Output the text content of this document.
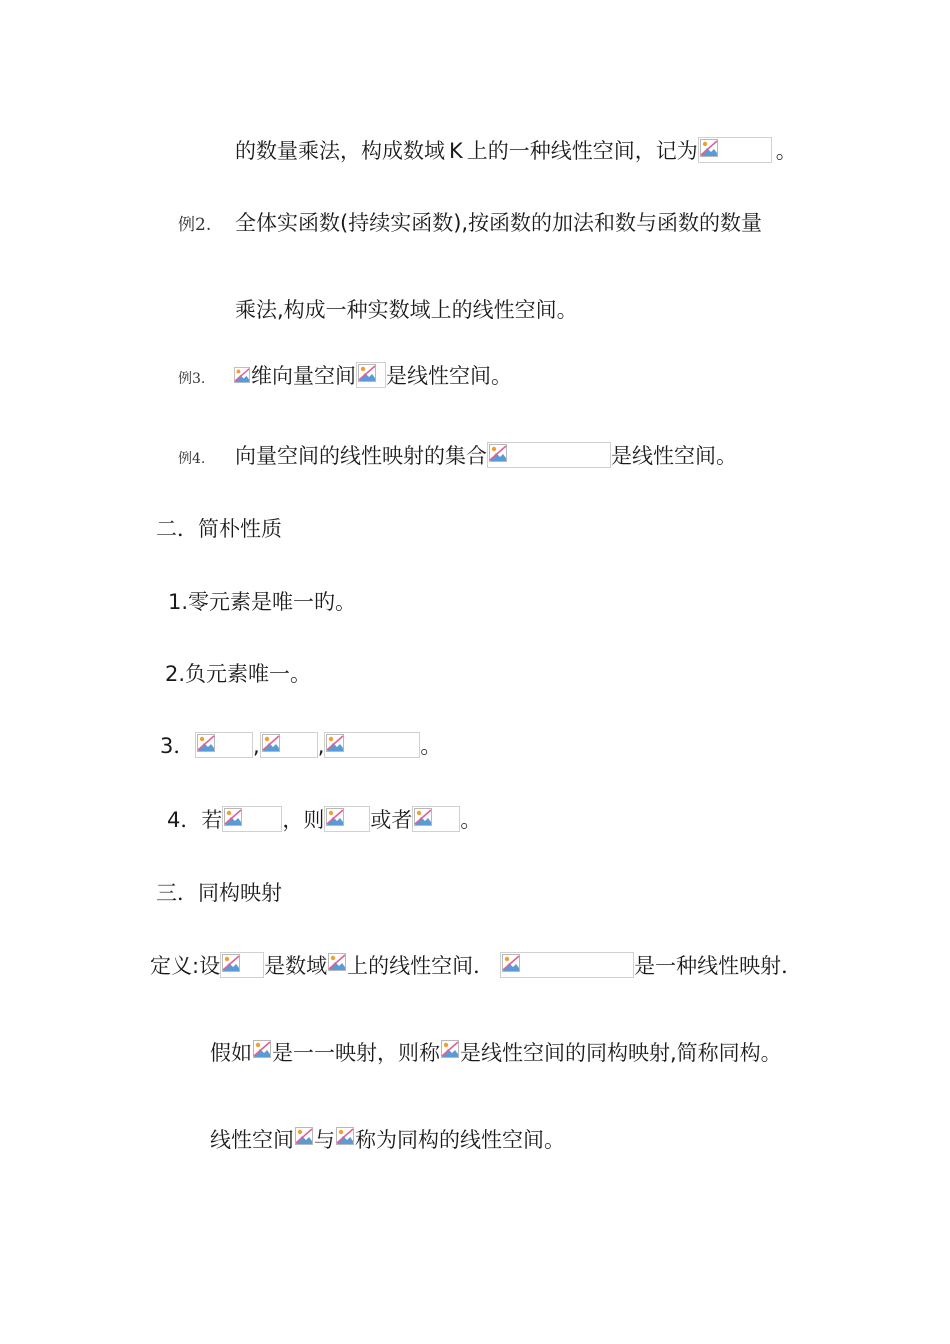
的数量乘法，构成数域 K 上的一种线性空间，记为	。
例2. 全体实函数(持续实函数),按函数的加法和数与函数的数量
乘法,构成一种实数域上的线性空间。
例3. 维向量空间 是线性空间。
例4. 向量空间的线性映射的集合	是线性空间。
二．简朴性质
1.零元素是唯一旳。
2.负元素唯一。
3．	,	,	。
4．若	，则 或者 。
三．同构映射
定义:设 是数域 上的线性空间．	是一种线性映射．
假如 是一一映射，则称 是线性空间的同构映射,简称同构。
线性空间 与 称为同构的线性空间。
